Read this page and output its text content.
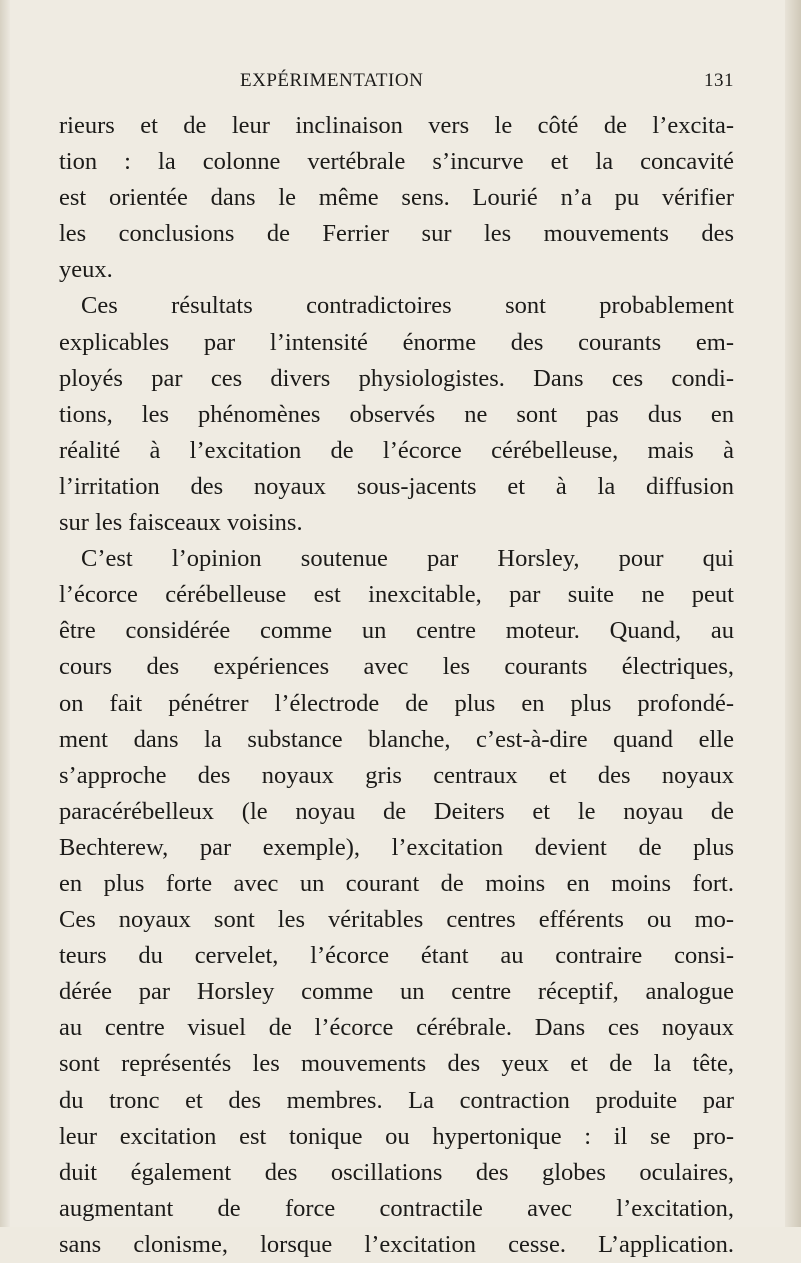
EXPÉRIMENTATION	131
rieurs et de leur inclinaison vers le côté de l’excita-
tion : la colonne vertébrale s’incurve et la concavité
est orientée dans le même sens. Lourié n’a pu vérifier
les conclusions de Ferrier sur les mouvements des
yeux.
Ces résultats contradictoires sont probablement
explicables par l’intensité énorme des courants em-
ployés par ces divers physiologistes. Dans ces condi-
tions, les phénomènes observés ne sont pas dus en
réalité à l’excitation de l’écorce cérébelleuse, mais à
l’irritation des noyaux sous-jacents et à la diffusion
sur les faisceaux voisins.
C’est l’opinion soutenue par Horsley, pour qui
l’écorce cérébelleuse est inexcitable, par suite ne peut
être considérée comme un centre moteur. Quand, au
cours des expériences avec les courants électriques,
on fait pénétrer l’électrode de plus en plus profondé-
ment dans la substance blanche, c’est-à-dire quand elle
s’approche des noyaux gris centraux et des noyaux
paracérébelleux (le noyau de Deiters et le noyau de
Bechterew, par exemple), l’excitation devient de plus
en plus forte avec un courant de moins en moins fort.
Ces noyaux sont les véritables centres efférents ou mo-
teurs du cervelet, l’écorce étant au contraire consi-
dérée par Horsley comme un centre réceptif, analogue
au centre visuel de l’écorce cérébrale. Dans ces noyaux
sont représentés les mouvements des yeux et de la tête,
du tronc et des membres. La contraction produite par
leur excitation est tonique ou hypertonique : il se pro-
duit également des oscillations des globes oculaires,
augmentant de force contractile avec l’excitation,
sans clonisme, lorsque l’excitation cesse. L’application.
